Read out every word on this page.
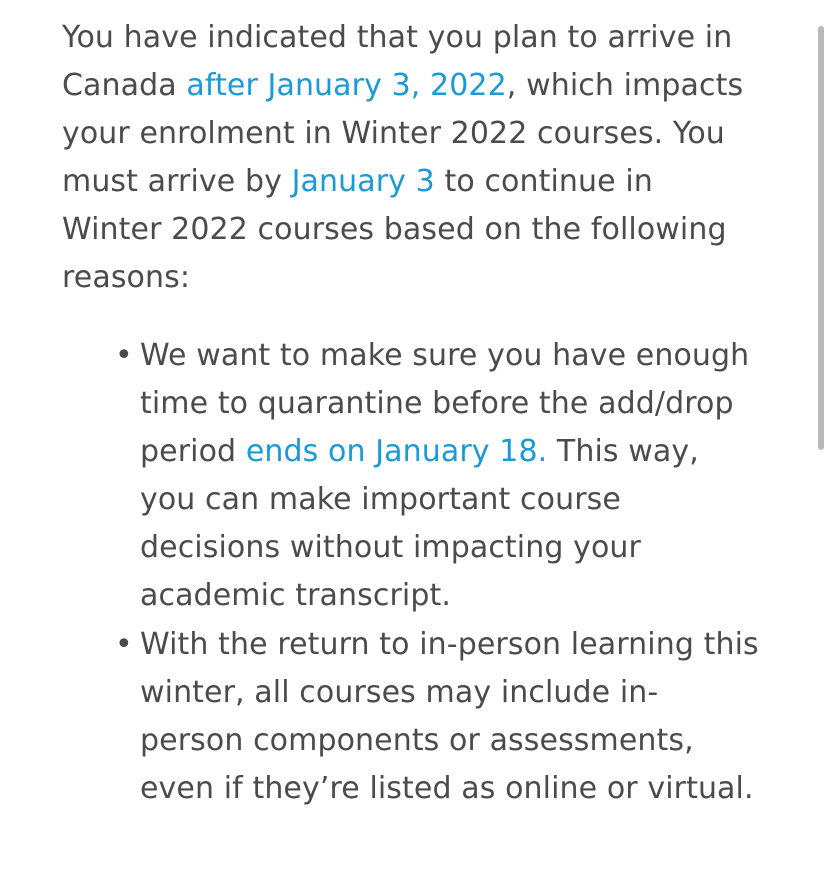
You have indicated that you plan to arrive in Canada after January 3, 2022, which impacts your enrolment in Winter 2022 courses. You must arrive by January 3 to continue in Winter 2022 courses based on the following reasons:

• We want to make sure you have enough time to quarantine before the add/drop period ends on January 18. This way, you can make important course decisions without impacting your academic transcript.
• With the return to in-person learning this winter, all courses may include in-person components or assessments, even if they’re listed as online or virtual.
